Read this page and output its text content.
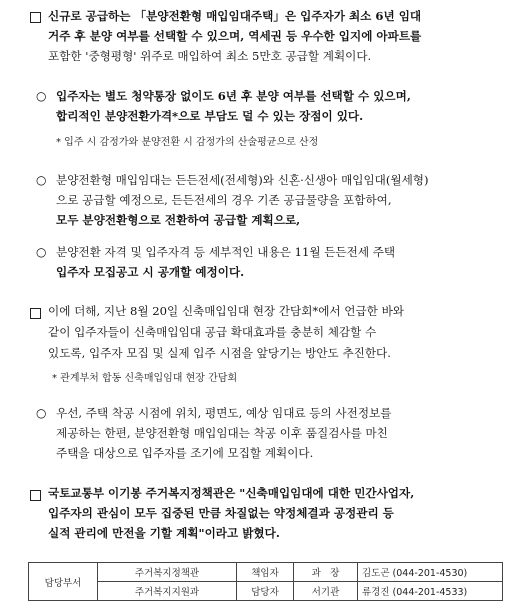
신규로 공급하는 「분양전환형 매입임대주택」은 입주자가 최소 6년 임대
거주 후 분양 여부를 선택할 수 있으며, 역세권 등 우수한 입지에 아파트를
포함한 '중형평형' 위주로 매입하여 최소 5만호 공급할 계획이다.
○ 입주자는 별도 청약통장 없이도 6년 후 분양 여부를 선택할 수 있으며,
합리적인 분양전환가격*으로 부담도 덜 수 있는 장점이 있다.
* 입주 시 감정가와 분양전환 시 감정가의 산술평균으로 산정
○ 분양전환형 매입임대는 든든전세(전세형)와 신혼·신생아 매입임대(월세형)
으로 공급할 예정으로, 든든전세의 경우 기존 공급물량을 포함하여,
모두 분양전환형으로 전환하여 공급할 계획으로,
○ 분양전환 자격 및 입주자격 등 세부적인 내용은 11월 든든전세 주택
입주자 모집공고 시 공개할 예정이다.
이에 더해, 지난 8월 20일 신축매입임대 현장 간담회*에서 언급한 바와
같이 입주자들이 신축매입임대 공급 확대효과를 충분히 체감할 수
있도록, 입주자 모집 및 실제 입주 시점을 앞당기는 방안도 추진한다.
* 관계부처 합동 신축매입임대 현장 간담회
○ 우선, 주택 착공 시점에 위치, 평면도, 예상 임대료 등의 사전정보를
제공하는 한편, 분양전환형 매입임대는 착공 이후 품질검사를 마친
주택을 대상으로 입주자를 조기에 모집할 계획이다.
국토교통부 이기봉 주거복지정책관은 "신축매입임대에 대한 민간사업자,
입주자의 관심이 모두 집중된 만큼 차질없는 약정체결과 공정관리 등
실적 관리에 만전을 기할 계획"이라고 밝혔다.
담당부서	주거복지정책관	책임자	과　장	김도곤 (044-201-4530)
	주거복지지원과	담당자	서기관	류경진 (044-201-4533)
